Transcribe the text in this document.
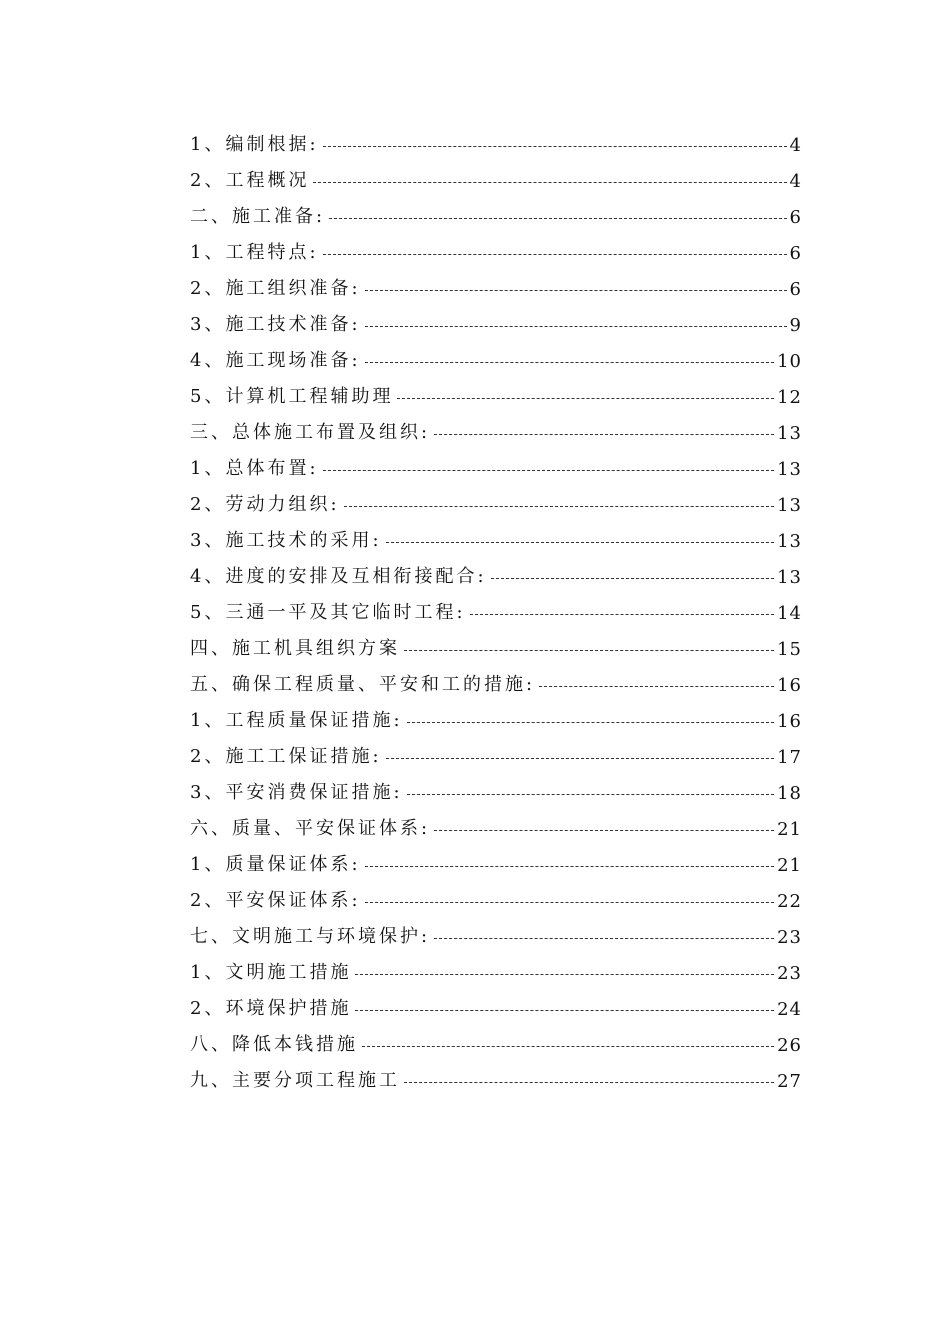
1、编制根据:	4
2、工程概况	4
二、施工准备:	6
1、工程特点:	6
2、施工组织准备:	6
3、施工技术准备:	9
4、施工现场准备:	10
5、计算机工程辅助理	12
三、总体施工布置及组织:	13
1、总体布置:	13
2、劳动力组织:	13
3、施工技术的采用:	13
4、进度的安排及互相衔接配合:	13
5、三通一平及其它临时工程:	14
四、施工机具组织方案	15
五、确保工程质量、平安和工的措施:	16
1、工程质量保证措施:	16
2、施工工保证措施:	17
3、平安消费保证措施:	18
六、质量、平安保证体系:	21
1、质量保证体系:	21
2、平安保证体系:	22
七、文明施工与环境保护:	23
1、文明施工措施	23
2、环境保护措施	24
八、降低本钱措施	26
九、主要分项工程施工	27
